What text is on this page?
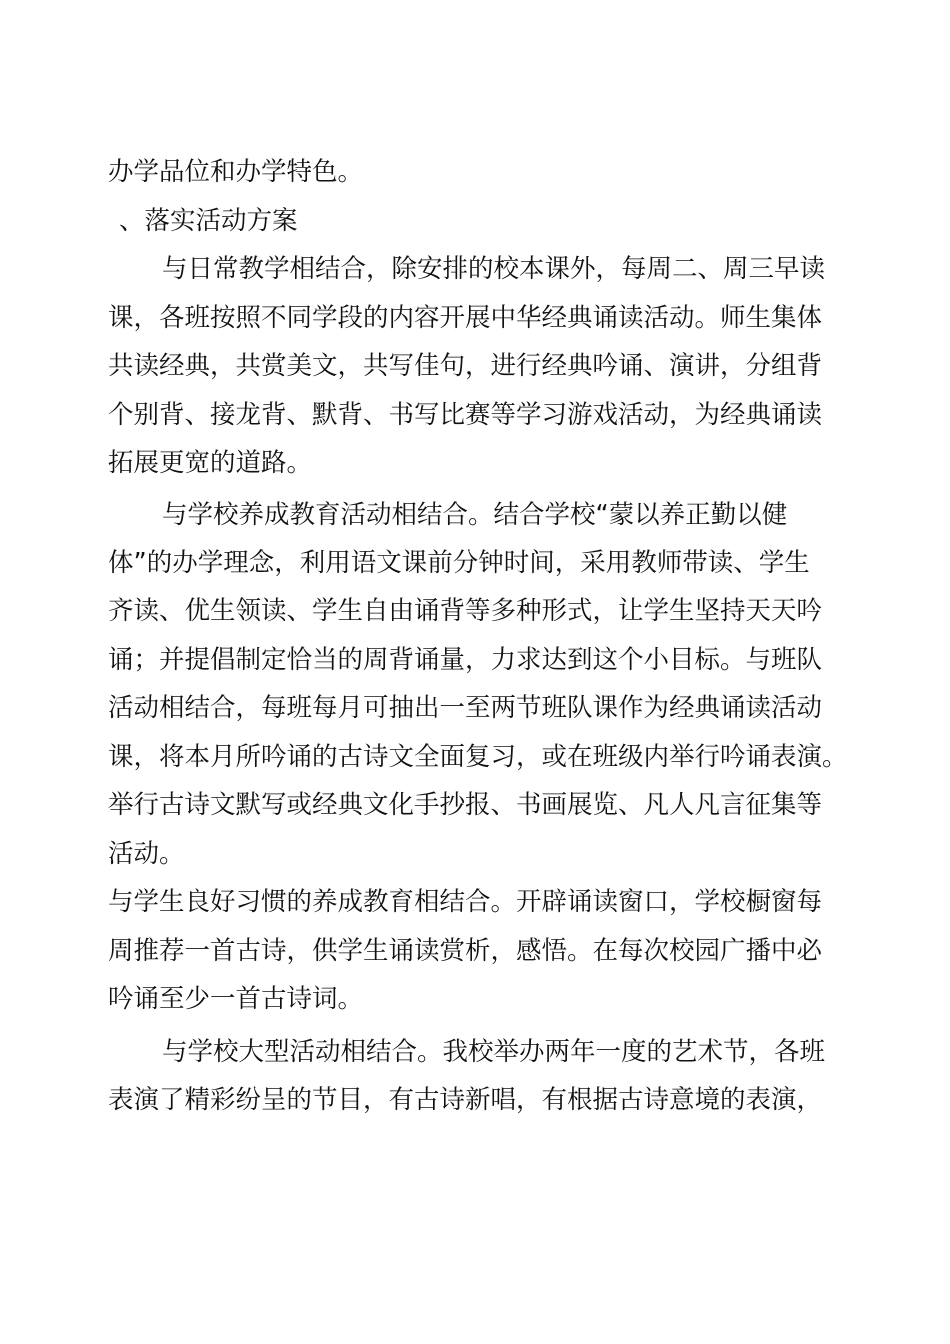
办学品位和办学特色。
、落实活动方案
与日常教学相结合，除安排的校本课外，每周二、周三早读
课，各班按照不同学段的内容开展中华经典诵读活动。师生集体
共读经典，共赏美文，共写佳句，进行经典吟诵、演讲，分组背
个别背、接龙背、默背、书写比赛等学习游戏活动，为经典诵读
拓展更宽的道路。
与学校养成教育活动相结合。结合学校“蒙以养正勤以健
体”的办学理念，利用语文课前分钟时间，采用教师带读、学生
齐读、优生领读、学生自由诵背等多种形式，让学生坚持天天吟
诵；并提倡制定恰当的周背诵量，力求达到这个小目标。与班队
活动相结合，每班每月可抽出一至两节班队课作为经典诵读活动
课，将本月所吟诵的古诗文全面复习，或在班级内举行吟诵表演。
举行古诗文默写或经典文化手抄报、书画展览、凡人凡言征集等
活动。
与学生良好习惯的养成教育相结合。开辟诵读窗口，学校橱窗每
周推荐一首古诗，供学生诵读赏析，感悟。在每次校园广播中必
吟诵至少一首古诗词。
与学校大型活动相结合。我校举办两年一度的艺术节，各班
表演了精彩纷呈的节目，有古诗新唱，有根据古诗意境的表演，
